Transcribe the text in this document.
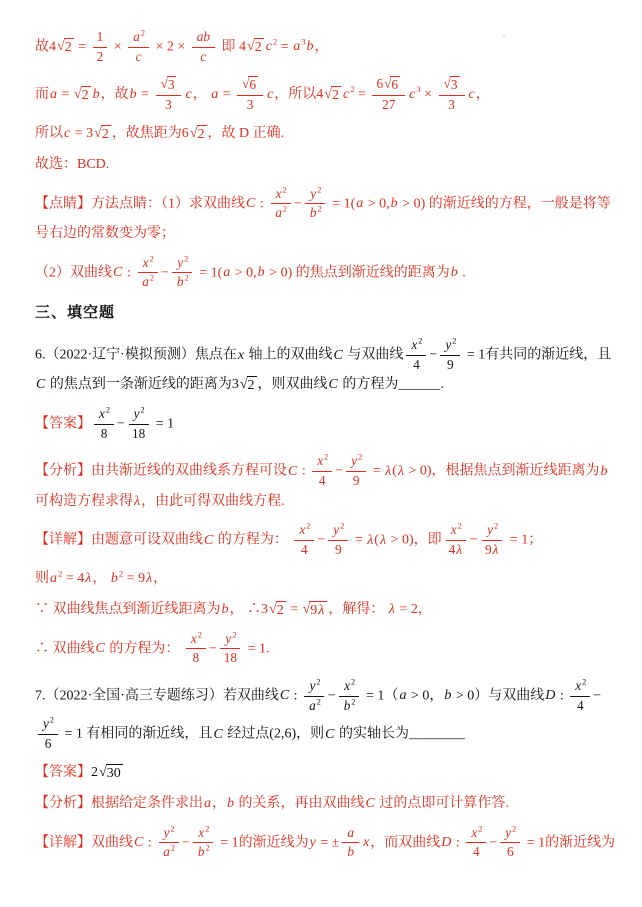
=

故4 √ $2 = \frac{1}{2} \times \frac{a^2}{c} \times 2 \times \frac{ab}{c}$ 即 4 √ 2 $c^2 = a^3b$，

而a = √ 2 b，故$b = \frac{√ 3}{3}$ c， $a = \frac{√ 6}{3}$ c，所以4 √ 2 $c^2 = \frac{6 √ 6}{27} c^3 \times \frac{√ 3}{3}$ c，

所以c = 3 √ 2 ，故焦距为6 √ 2 ，故 D 正确.

故选：BCD.

【点睛】方法点睛：（1）求双曲线C : $\frac{x^2}{a^2} - \frac{y^2}{b^2} = 1(a > 0,b > 0)$ 的渐近线的方程，一般是将等号右边的常数变为零；

（2）双曲线C : $\frac{x^2}{a^2} - \frac{y^2}{b^2} = 1(a > 0,b > 0)$ 的焦点到渐近线的距离为b .

三、填空题

6.（2022·辽宁·模拟预测）焦点在x 轴上的双曲线C 与双曲线 $\frac{x^2}{4} - \frac{y^2}{9} = 1$有共同的渐近线，且C 的焦点到一条渐近线的距离为3 √ 2 ，则双曲线C 的方程为______.

【答案】 $\frac{x^2}{8} - \frac{y^2}{18} = 1$

【分析】由共渐近线的双曲线系方程可设C : $\frac{x^2}{4} - \frac{y^2}{9} = \lambda(\lambda > 0)$，根据焦点到渐近线距离为b 可构造方程求得λ，由此可得双曲线方程.

【详解】由题意可设双曲线C 的方程为： $\frac{x^2}{4} - \frac{y^2}{9} = \lambda(\lambda > 0)$，即 $\frac{x^2}{4\lambda} - \frac{y^2}{9\lambda} = 1$；

则$a^2 = 4\lambda$， $b^2 = 9\lambda$，

∵ 双曲线焦点到渐近线距离为b， ∴3 √ 2 = √ 9λ ，解得： λ = 2，

∴ 双曲线C 的方程为： $\frac{x^2}{8} - \frac{y^2}{18} = 1$.

7.（2022·全国·高三专题练习）若双曲线C : $\frac{y^2}{a^2} - \frac{x^2}{b^2} = 1(a > 0$，b > 0）与双曲线D : $\frac{x^2}{4}$ −
$\frac{y^2}{6} = 1$ 有相同的渐近线，且C 经过点(2,6)，则C 的实轴长为________

【答案】2 √ 30

【分析】根据给定条件求出a，b 的关系，再由双曲线C 过的点即可计算作答.

【详解】双曲线C : $\frac{y^2}{a^2} - \frac{x^2}{b^2} = 1$的渐近线为y = ± $\frac{a}{b}$ x，而双曲线D : $\frac{x^2}{4} - \frac{y^2}{6} = 1$的渐近线为
